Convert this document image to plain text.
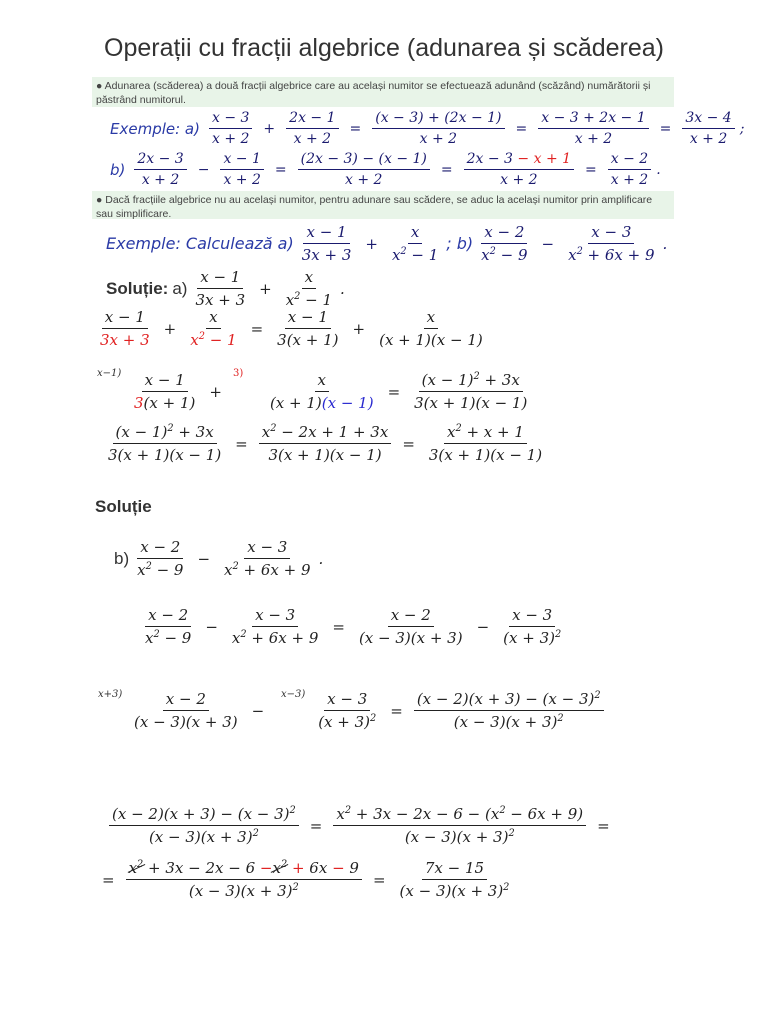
Operații cu fracții algebrice (adunarea și scăderea)
● Adunarea (scăderea) a două fracții algebrice care au același numitor se efectuează adunând (scăzând) numărătorii și păstrând numitorul.
Exemple: $a) \frac{x - 3}{x + 2} + \frac{2x - 1}{x + 2} = \frac{(x - 3) + (2x - 1)}{x + 2} = \frac{x - 3 + 2x - 1}{x + 2} = \frac{3x - 4}{x + 2}$ ;
$b) \frac{2x - 3}{x + 2} - \frac{x - 1}{x + 2} = \frac{(2x - 3) - (x - 1)}{x + 2} = \frac{2x - 3 - x + 1}{x + 2} = \frac{x - 2}{x + 2}$ .
● Dacă fracțiile algebrice nu au același numitor, pentru adunare sau scădere, se aduc la același numitor prin amplificare sau simplificare.
Exemple: Calculează $a) \frac{x - 1}{3x + 3} + \frac{x}{x^2 - 1}$ ; $b) \frac{x - 2}{x^2 - 9} - \frac{x - 3}{x^2 + 6x + 9}$ .
Soluție: $a) \frac{x - 1}{3x + 3} + \frac{x}{x^2 - 1}$ .
$\frac{x - 1}{3x + 3} + \frac{x}{x^2 - 1} = \frac{x - 1}{3(x + 1)} + \frac{x}{(x + 1)(x - 1)}$
x−1)	3)
$\frac{x - 1}{3(x + 1)}$ +	$\frac{x}{(x + 1)(x - 1)} = \frac{(x - 1)^2 + 3x}{3(x + 1)(x - 1)}$
$\frac{(x - 1)^2 + 3x}{3(x + 1)(x - 1)} = \frac{x^2 - 2x + 1 + 3x}{3(x + 1)(x - 1)} = \frac{x^2 + x + 1}{3(x + 1)(x - 1)}$
Soluție
$b) \frac{x - 2}{x^2 - 9} - \frac{x - 3}{x^2 + 6x + 9}$ .
$\frac{x - 2}{x^2 - 9} - \frac{x - 3}{x^2 + 6x + 9} = \frac{x - 2}{(x - 3)(x + 3)} - \frac{x - 3}{(x + 3)^2}$
x+3)	x−3)
$\frac{x - 2}{(x - 3)(x + 3)}$ −	$\frac{x - 3}{(x + 3)^2} = \frac{(x - 2)(x + 3) - (x - 3)^2}{(x - 3)(x + 3)^2}$
$\frac{(x - 2)(x + 3) - (x - 3)^2}{(x - 3)(x + 3)^2} = \frac{x^2 + 3x - 2x - 6 - (x^2 - 6x + 9)}{(x - 3)(x + 3)^2}$ =
= $\frac{x^2 + 3x - 2x - 6 -x^2 + 6x - 9}{(x - 3)(x + 3)^2} = \frac{7x - 15}{(x - 3)(x + 3)^2}$
